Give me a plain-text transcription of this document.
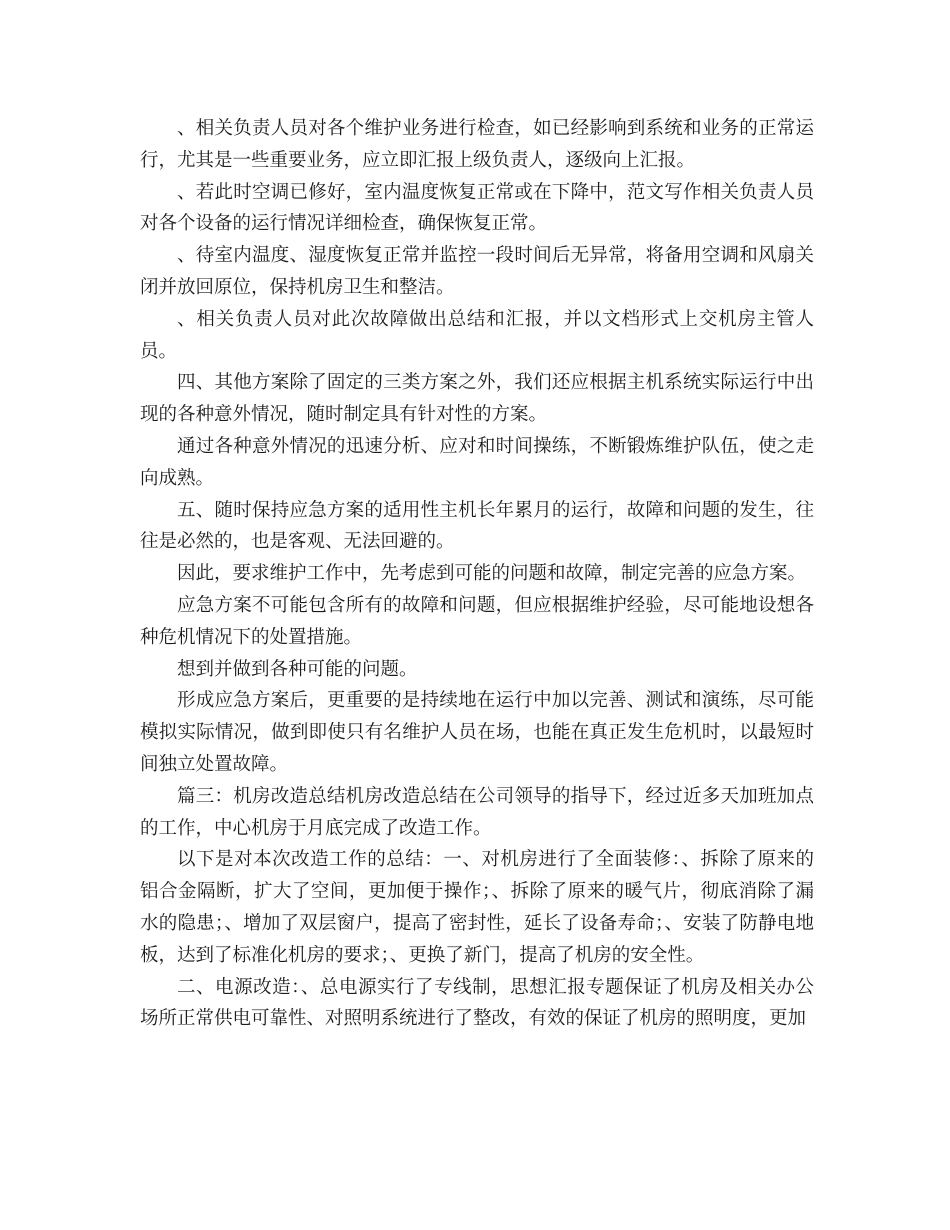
、相关负责人员对各个维护业务进行检查，如已经影响到系统和业务的正常运行，尤其是一些重要业务，应立即汇报上级负责人，逐级向上汇报。

、若此时空调已修好，室内温度恢复正常或在下降中，范文写作相关负责人员对各个设备的运行情况详细检查，确保恢复正常。

、待室内温度、湿度恢复正常并监控一段时间后无异常，将备用空调和风扇关闭并放回原位，保持机房卫生和整洁。

、相关负责人员对此次故障做出总结和汇报，并以文档形式上交机房主管人员。

四、其他方案除了固定的三类方案之外，我们还应根据主机系统实际运行中出现的各种意外情况，随时制定具有针对性的方案。

通过各种意外情况的迅速分析、应对和时间操练，不断锻炼维护队伍，使之走向成熟。

五、随时保持应急方案的适用性主机长年累月的运行，故障和问题的发生，往往是必然的，也是客观、无法回避的。

因此，要求维护工作中，先考虑到可能的问题和故障，制定完善的应急方案。

应急方案不可能包含所有的故障和问题，但应根据维护经验，尽可能地设想各种危机情况下的处置措施。

想到并做到各种可能的问题。

形成应急方案后，更重要的是持续地在运行中加以完善、测试和演练，尽可能模拟实际情况，做到即使只有名维护人员在场，也能在真正发生危机时，以最短时间独立处置故障。

篇三：机房改造总结机房改造总结在公司领导的指导下，经过近多天加班加点的工作，中心机房于月底完成了改造工作。

以下是对本次改造工作的总结：一、对机房进行了全面装修：、拆除了原来的铝合金隔断，扩大了空间，更加便于操作；、拆除了原来的暖气片，彻底消除了漏水的隐患；、增加了双层窗户，提高了密封性，延长了设备寿命；、安装了防静电地板，达到了标准化机房的要求；、更换了新门，提高了机房的安全性。

二、电源改造：、总电源实行了专线制，思想汇报专题保证了机房及相关办公场所正常供电可靠性、对照明系统进行了整改，有效的保证了机房的照明度，更加
